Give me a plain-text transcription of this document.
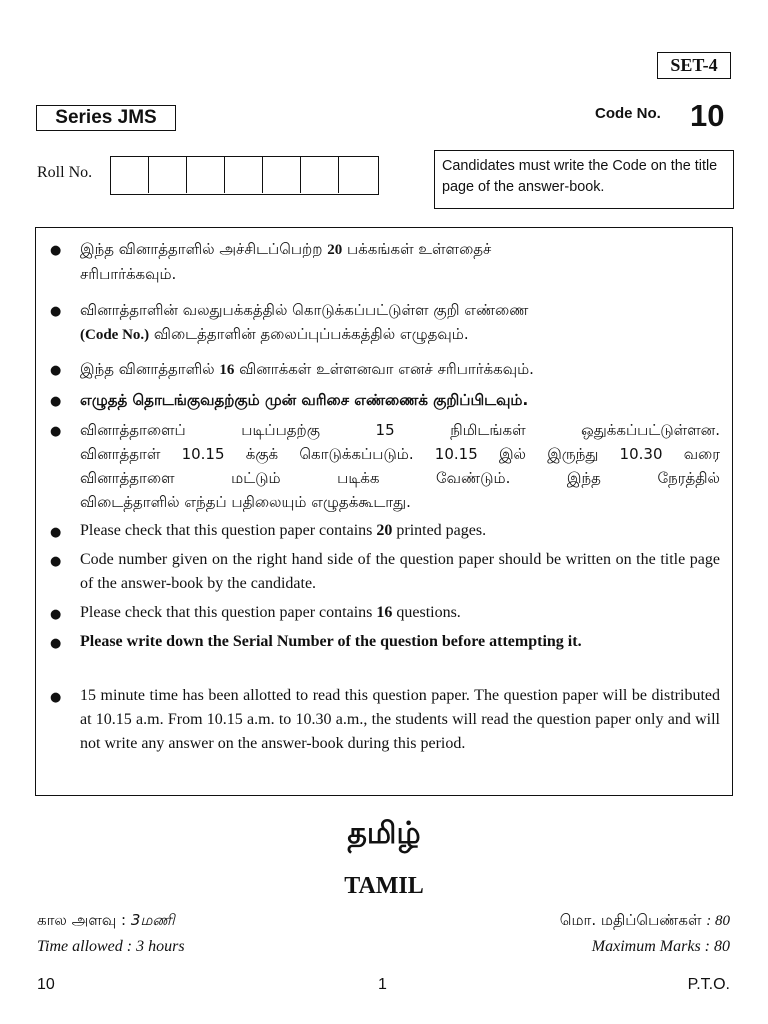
SET-4
Series JMS	Code No. 10
Roll No.	Candidates must write the Code on the title page of the answer-book.
● இந்த வினாத்தாளில் அச்சிடப்பெற்ற 20 பக்கங்கள் உள்ளதைச்
சரிபார்க்கவும்.
● வினாத்தாளின் வலதுபக்கத்தில் கொடுக்கப்பட்டுள்ள குறி எண்ணை
(Code No.) விடைத்தாளின் தலைப்புப்பக்கத்தில் எழுதவும்.
● இந்த வினாத்தாளில் 16 வினாக்கள் உள்ளனவா எனச் சரிபார்க்கவும்.
● எழுதத் தொடங்குவதற்கும் முன் வரிசை எண்ணைக் குறிப்பிடவும்.
● வினாத்தாளைப் படிப்பதற்கு 15 நிமிடங்கள் ஒதுக்கப்பட்டுள்ளன.
வினாத்தாள் 10.15 க்குக் கொடுக்கப்படும். 10.15 இல் இருந்து 10.30 வரை
வினாத்தாளை மட்டும் படிக்க வேண்டும். இந்த நேரத்தில்
விடைத்தாளில் எந்தப் பதிலையும் எழுதக்கூடாது.
● Please check that this question paper contains 20 printed pages.
● Code number given on the right hand side of the question paper should be written on the title page of the answer-book by the candidate.
● Please check that this question paper contains 16 questions.
● Please write down the Serial Number of the question before attempting it.
● 15 minute time has been allotted to read this question paper. The question paper will be distributed at 10.15 a.m. From 10.15 a.m. to 10.30 a.m., the students will read the question paper only and will not write any answer on the answer-book during this period.
தமிழ்
TAMIL
கால அளவு : 3மணி	மொ. மதிப்பெண்கள் : 80
Time allowed : 3 hours	Maximum Marks : 80
10	1	P.T.O.
